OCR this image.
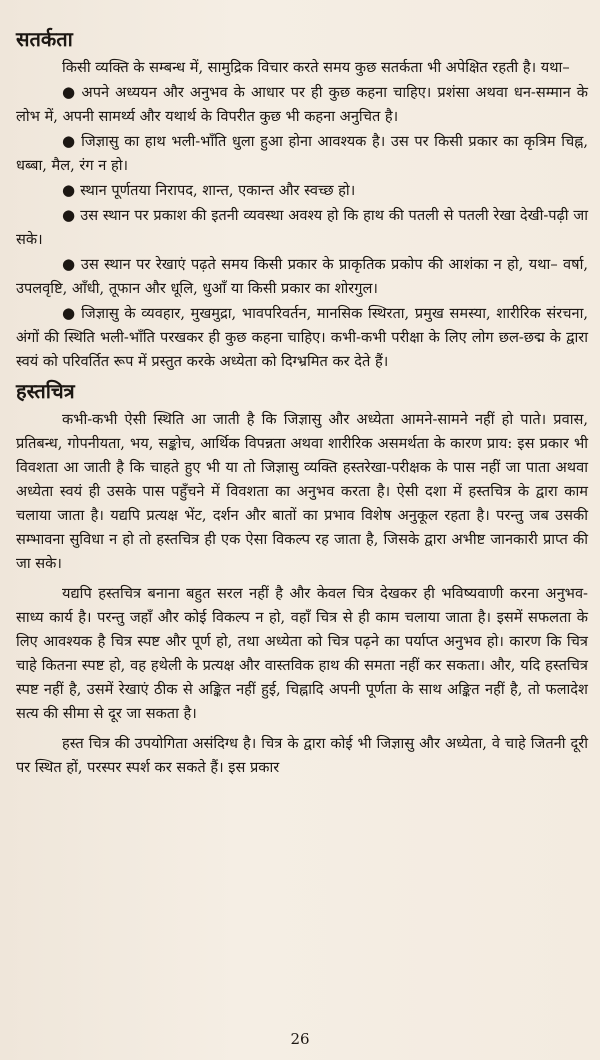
सतर्कता

किसी व्यक्ति के सम्बन्ध में, सामुद्रिक विचार करते समय कुछ सतर्कता भी अपेक्षित रहती है। यथा–

● अपने अध्ययन और अनुभव के आधार पर ही कुछ कहना चाहिए। प्रशंसा अथवा धन-सम्मान के लोभ में, अपनी सामर्थ्य और यथार्थ के विपरीत कुछ भी कहना अनुचित है।

● जिज्ञासु का हाथ भली-भाँति धुला हुआ होना आवश्यक है। उस पर किसी प्रकार का कृत्रिम चिह्न, धब्बा, मैल, रंग न हो।

● स्थान पूर्णतया निरापद, शान्त, एकान्त और स्वच्छ हो।

● उस स्थान पर प्रकाश की इतनी व्यवस्था अवश्य हो कि हाथ की पतली से पतली रेखा देखी-पढ़ी जा सके।

● उस स्थान पर रेखाएं पढ़ते समय किसी प्रकार के प्राकृतिक प्रकोप की आशंका न हो, यथा– वर्षा, उपलवृष्टि, आँधी, तूफान और धूलि, धुआँ या किसी प्रकार का शोरगुल।

● जिज्ञासु के व्यवहार, मुखमुद्रा, भावपरिवर्तन, मानसिक स्थिरता, प्रमुख समस्या, शारीरिक संरचना, अंगों की स्थिति भली-भाँति परखकर ही कुछ कहना चाहिए। कभी-कभी परीक्षा के लिए लोग छल-छद्म के द्वारा स्वयं को परिवर्तित रूप में प्रस्तुत करके अध्येता को दिग्भ्रमित कर देते हैं।

हस्तचित्र

कभी-कभी ऐसी स्थिति आ जाती है कि जिज्ञासु और अध्येता आमने-सामने नहीं हो पाते। प्रवास, प्रतिबन्ध, गोपनीयता, भय, सङ्कोच, आर्थिक विपन्नता अथवा शारीरिक असमर्थता के कारण प्राय: इस प्रकार भी विवशता आ जाती है कि चाहते हुए भी या तो जिज्ञासु व्यक्ति हस्तरेखा-परीक्षक के पास नहीं जा पाता अथवा अध्येता स्वयं ही उसके पास पहुँचने में विवशता का अनुभव करता है। ऐसी दशा में हस्तचित्र के द्वारा काम चलाया जाता है। यद्यपि प्रत्यक्ष भेंट, दर्शन और बातों का प्रभाव विशेष अनुकूल रहता है। परन्तु जब उसकी सम्भावना सुविधा न हो तो हस्तचित्र ही एक ऐसा विकल्प रह जाता है, जिसके द्वारा अभीष्ट जानकारी प्राप्त की जा सके।

यद्यपि हस्तचित्र बनाना बहुत सरल नहीं है और केवल चित्र देखकर ही भविष्यवाणी करना अनुभव-साध्य कार्य है। परन्तु जहाँ और कोई विकल्प न हो, वहाँ चित्र से ही काम चलाया जाता है। इसमें सफलता के लिए आवश्यक है चित्र स्पष्ट और पूर्ण हो, तथा अध्येता को चित्र पढ़ने का पर्याप्त अनुभव हो। कारण कि चित्र चाहे कितना स्पष्ट हो, वह हथेली के प्रत्यक्ष और वास्तविक हाथ की समता नहीं कर सकता। और, यदि हस्तचित्र स्पष्ट नहीं है, उसमें रेखाएं ठीक से अङ्कित नहीं हुई, चिह्नादि अपनी पूर्णता के साथ अङ्कित नहीं है, तो फलादेश सत्य की सीमा से दूर जा सकता है।

हस्त चित्र की उपयोगिता असंदिग्ध है। चित्र के द्वारा कोई भी जिज्ञासु और अध्येता, वे चाहे जितनी दूरी पर स्थित हों, परस्पर स्पर्श कर सकते हैं। इस प्रकार

26
